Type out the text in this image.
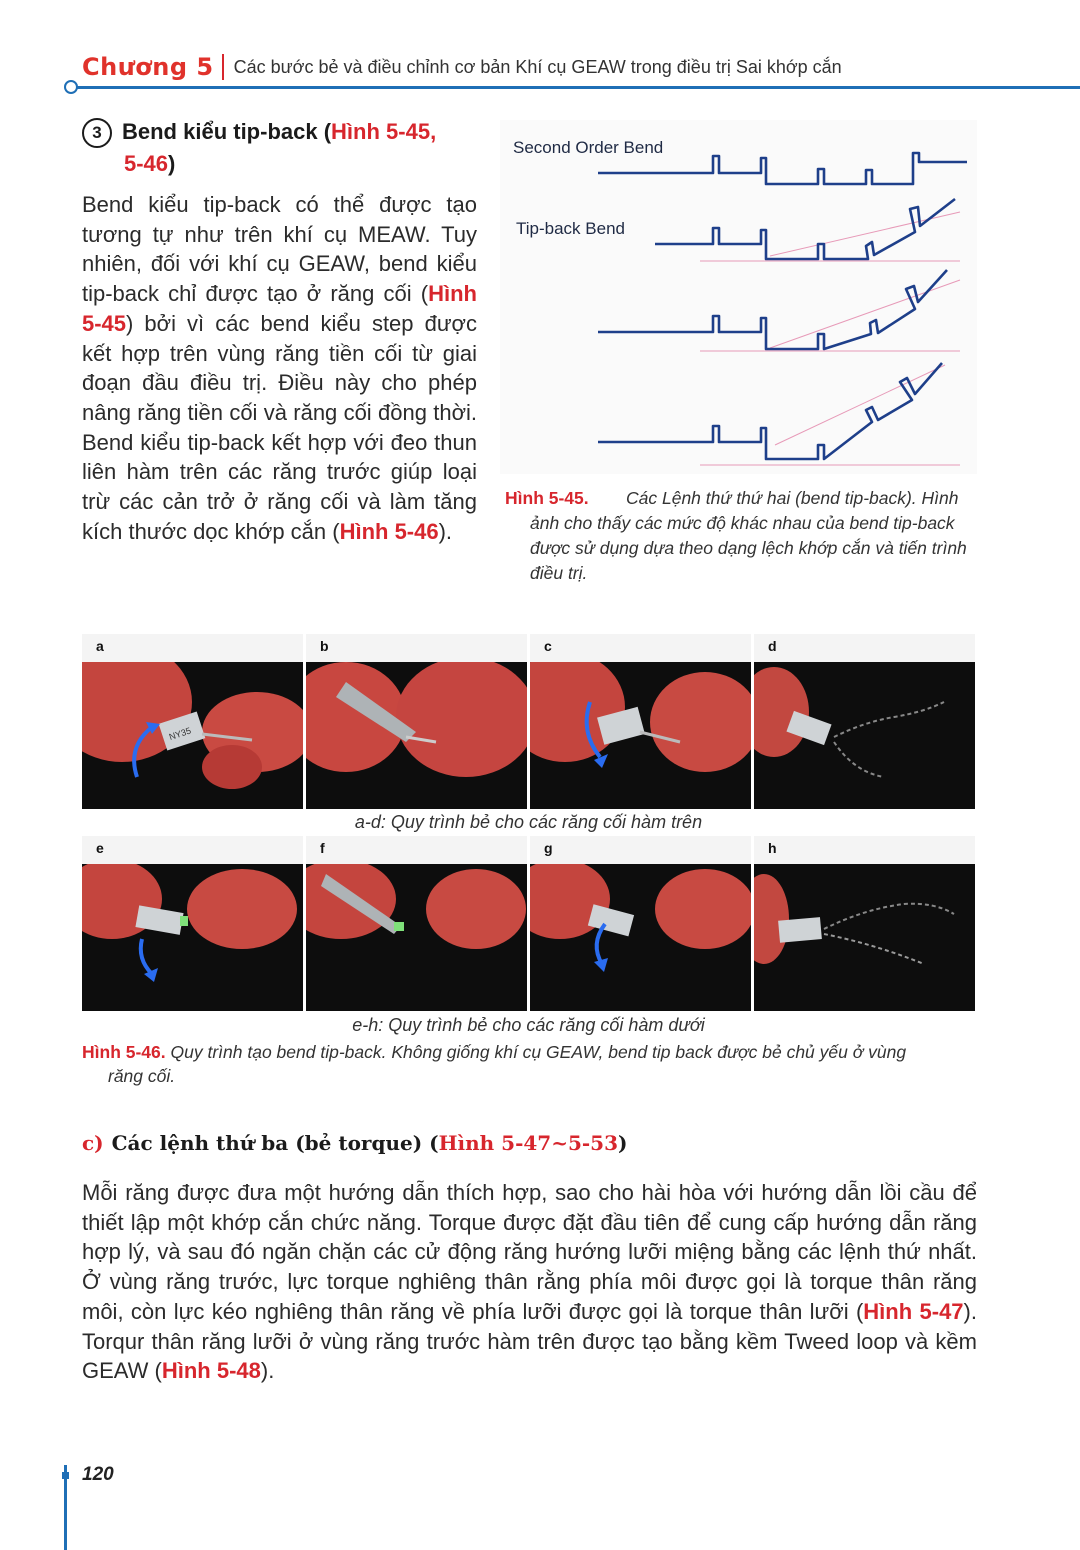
Chương 5 Các bước bẻ và điều chỉnh cơ bản Khí cụ GEAW trong điều trị Sai khớp cắn
3 Bend kiểu tip-back (Hình 5-45,
5-46)
Bend kiểu tip-back có thể được tạo tương tự như trên khí cụ MEAW. Tuy nhiên, đối với khí cụ GEAW, bend kiểu tip-back chỉ được tạo ở răng cối (Hình 5-45) bởi vì các bend kiểu step được kết hợp trên vùng răng tiền cối từ giai đoạn đầu điều trị. Điều này cho phép nâng răng tiền cối và răng cối đồng thời. Bend kiểu tip-back kết hợp với đeo thun liên hàm trên các răng trước giúp loại trừ các cản trở ở răng cối và làm tăng kích thước dọc khớp cắn (Hình 5-46).
Second Order Bend
Tip-back Bend
Hình 5-45.	Các Lệnh thứ thứ hai (bend tip-back). Hình ảnh cho thấy các mức độ khác nhau của bend tip-back được sử dụng dựa theo dạng lệch khớp cắn và tiến trình điều trị.
a
NY35
b	c	d
a-d: Quy trình bẻ cho các răng cối hàm trên
e	f	g	h
e-h: Quy trình bẻ cho các răng cối hàm dưới
Hình 5-46. Quy trình tạo bend tip-back. Không giống khí cụ GEAW, bend tip back được bẻ chủ yếu ở vùng
răng cối.
c) Các lệnh thứ ba (bẻ torque) (Hình 5-47~5-53)
Mỗi răng được đưa một hướng dẫn thích hợp, sao cho hài hòa với hướng dẫn lồi cầu để thiết lập một khớp cắn chức năng. Torque được đặt đầu tiên để cung cấp hướng dẫn răng hợp lý, và sau đó ngăn chặn các cử động răng hướng lưỡi miệng bằng các lệnh thứ nhất. Ở vùng răng trước, lực torque nghiêng thân rằng phía môi được gọi là torque thân răng môi, còn lực kéo nghiêng thân răng về phía lưỡi được gọi là torque thân lưỡi (Hình 5-47). Torqur thân răng lưỡi ở vùng răng trước hàm trên được tạo bằng kềm Tweed loop và kềm GEAW (Hình 5-48).
120
